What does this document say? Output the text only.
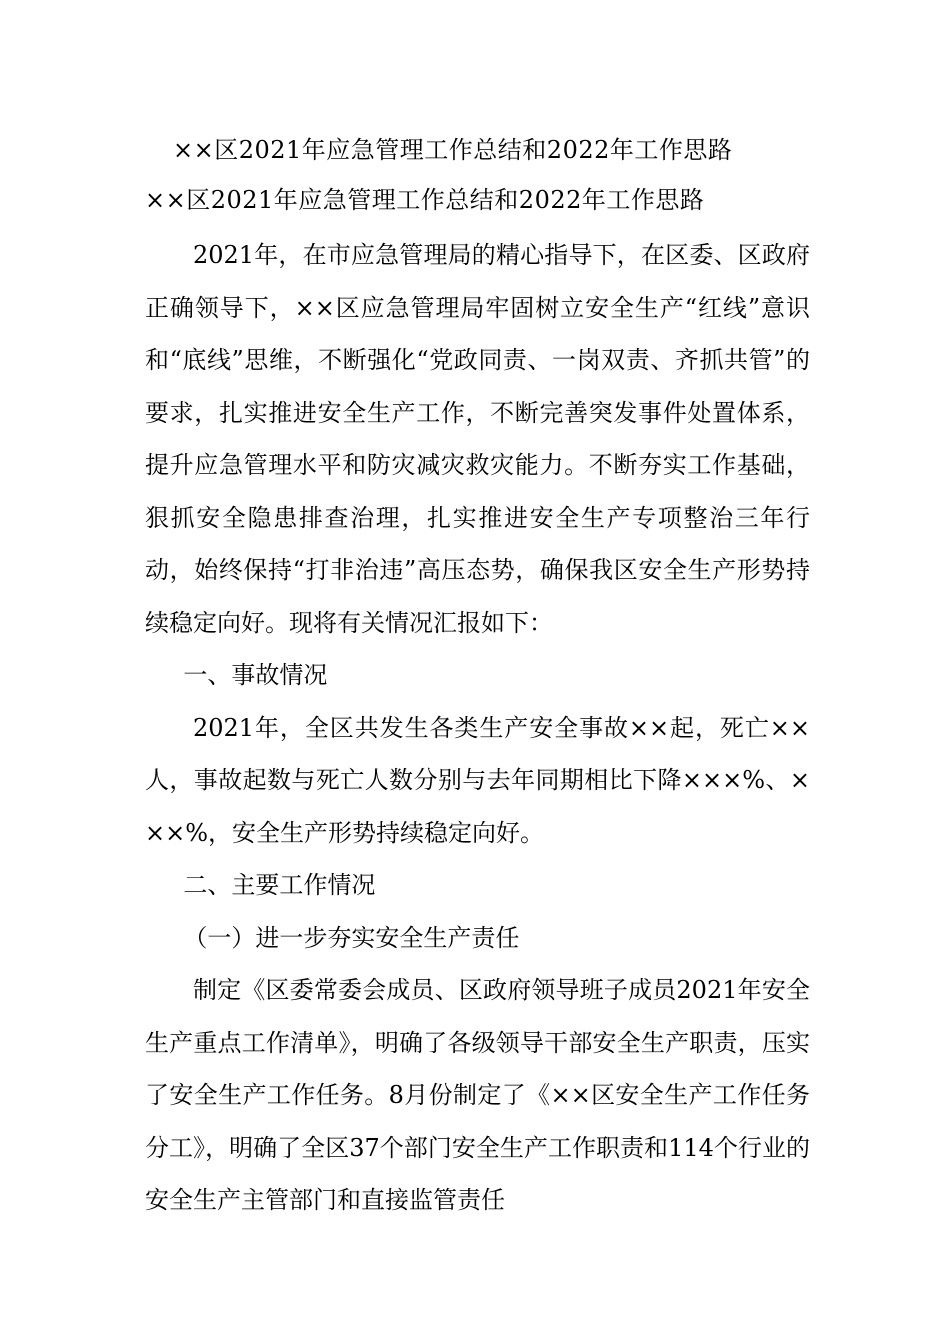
××区2021年应急管理工作总结和2022年工作思路
××区2021年应急管理工作总结和2022年工作思路

2021年，在市应急管理局的精心指导下，在区委、区政府正确领导下，××区应急管理局牢固树立安全生产“红线”意识和“底线”思维，不断强化“党政同责、一岗双责、齐抓共管”的要求，扎实推进安全生产工作，不断完善突发事件处置体系，提升应急管理水平和防灾减灾救灾能力。不断夯实工作基础，狠抓安全隐患排查治理，扎实推进安全生产专项整治三年行动，始终保持“打非治违”高压态势，确保我区安全生产形势持续稳定向好。现将有关情况汇报如下：

一、事故情况

2021年，全区共发生各类生产安全事故××起，死亡××人，事故起数与死亡人数分别与去年同期相比下降×××%、×××%，安全生产形势持续稳定向好。

二、主要工作情况

（一）进一步夯实安全生产责任

制定《区委常委会成员、区政府领导班子成员2021年安全生产重点工作清单》，明确了各级领导干部安全生产职责，压实了安全生产工作任务。8月份制定了《××区安全生产工作任务分工》，明确了全区37个部门安全生产工作职责和114个行业的安全生产主管部门和直接监管责任
